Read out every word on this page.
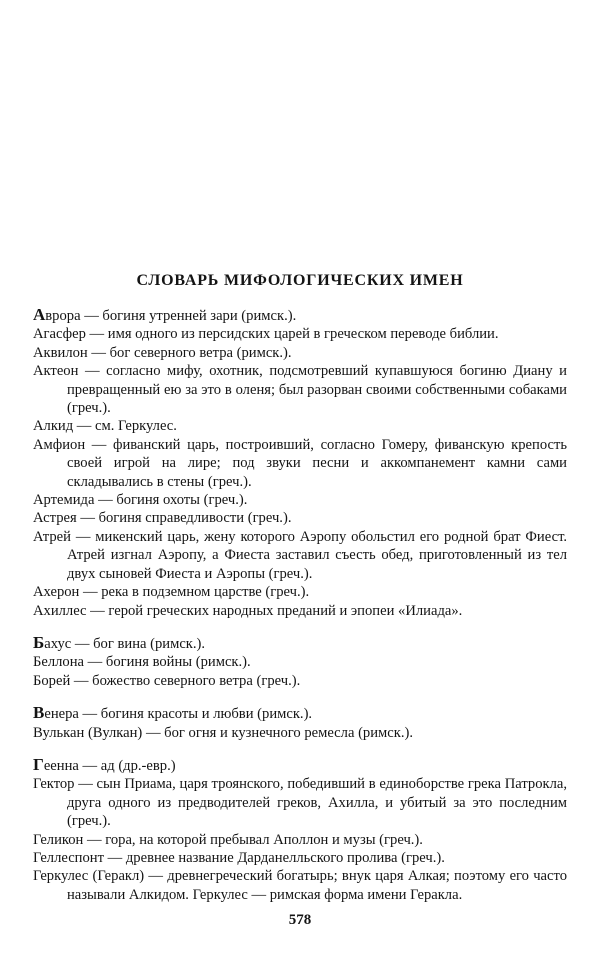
СЛОВАРЬ МИФОЛОГИЧЕСКИХ ИМЕН
Аврора — богиня утренней зари (римск.).
Агасфер — имя одного из персидских царей в греческом переводе библии.
Аквилон — бог северного ветра (римск.).
Актеон — согласно мифу, охотник, подсмотревший купавшуюся богиню Диану и превращенный ею за это в оленя; был разорван своими собственными собаками (греч.).
Алкид — см. Геркулес.
Амфион — фиванский царь, построивший, согласно Гомеру, фиванскую крепость своей игрой на лире; под звуки песни и аккомпанемент камни сами складывались в стены (греч.).
Артемида — богиня охоты (греч.).
Астрея — богиня справедливости (греч.).
Атрей — микенский царь, жену которого Аэропу обольстил его родной брат Фиест. Атрей изгнал Аэропу, а Фиеста заставил съесть обед, приготовленный из тел двух сыновей Фиеста и Аэропы (греч.).
Ахерон — река в подземном царстве (греч.).
Ахиллес — герой греческих народных преданий и эпопеи «Илиада».
Бахус — бог вина (римск.).
Беллона — богиня войны (римск.).
Борей — божество северного ветра (греч.).
Венера — богиня красоты и любви (римск.).
Вулькан (Вулкан) — бог огня и кузнечного ремесла (римск.).
Геенна — ад (др.-евр.)
Гектор — сын Приама, царя троянского, победивший в единоборстве грека Патрокла, друга одного из предводителей греков, Ахилла, и убитый за это последним (греч.).
Геликон — гора, на которой пребывал Аполлон и музы (греч.).
Геллеспонт — древнее название Дарданелльского пролива (греч.).
Геркулес (Геракл) — древнегреческий богатырь; внук царя Алкая; поэтому его часто называли Алкидом. Геркулес — римская форма имени Геракла.
578
